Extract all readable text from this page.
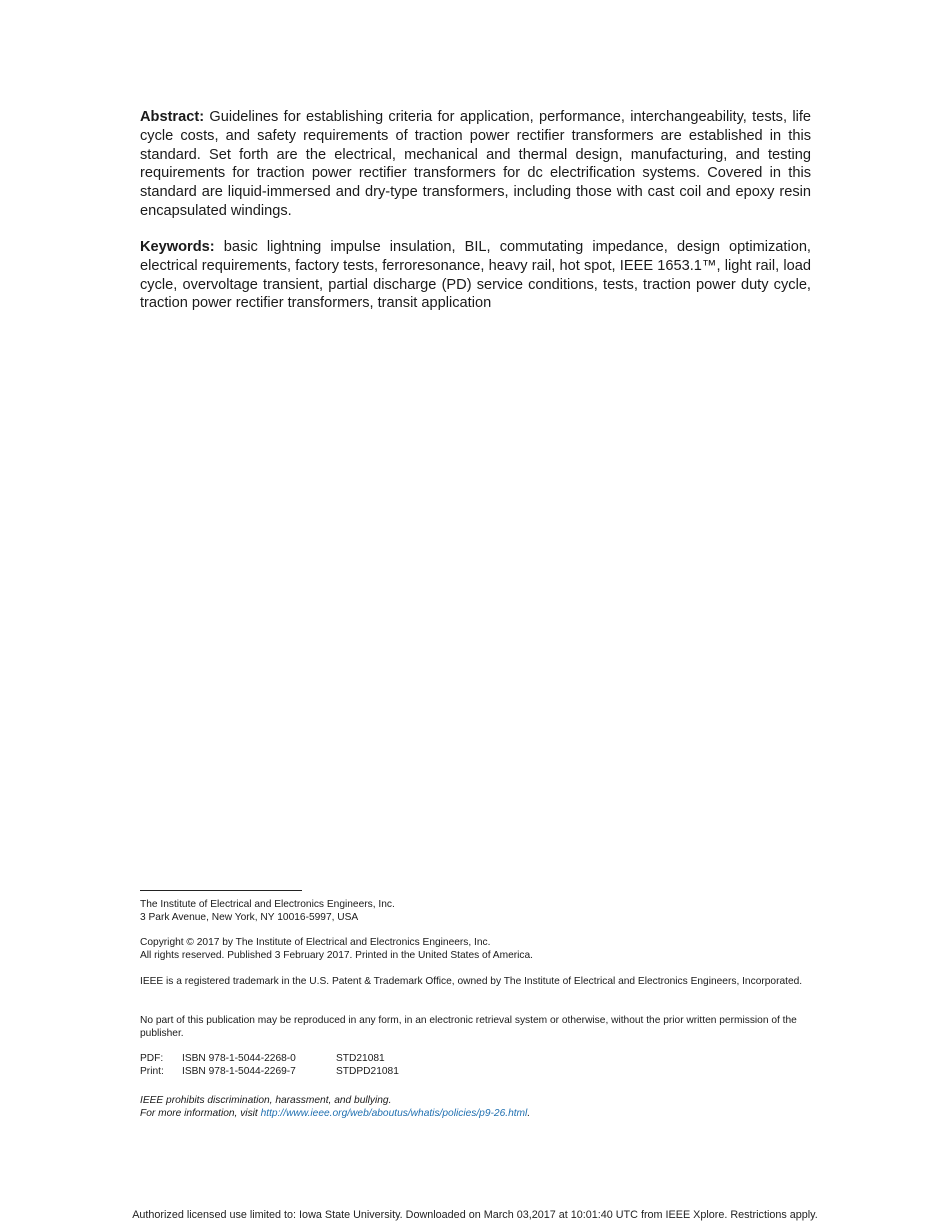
Abstract: Guidelines for establishing criteria for application, performance, interchangeability, tests, life cycle costs, and safety requirements of traction power rectifier transformers are established in this standard. Set forth are the electrical, mechanical and thermal design, manufacturing, and testing requirements for traction power rectifier transformers for dc electrification systems. Covered in this standard are liquid-immersed and dry-type transformers, including those with cast coil and epoxy resin encapsulated windings.
Keywords: basic lightning impulse insulation, BIL, commutating impedance, design optimization, electrical requirements, factory tests, ferroresonance, heavy rail, hot spot, IEEE 1653.1™, light rail, load cycle, overvoltage transient, partial discharge (PD) service conditions, tests, traction power duty cycle, traction power rectifier transformers, transit application
The Institute of Electrical and Electronics Engineers, Inc.
3 Park Avenue, New York, NY 10016-5997, USA
Copyright © 2017 by The Institute of Electrical and Electronics Engineers, Inc.
All rights reserved. Published 3 February 2017. Printed in the United States of America.
IEEE is a registered trademark in the U.S. Patent & Trademark Office, owned by The Institute of Electrical and Electronics Engineers, Incorporated.
No part of this publication may be reproduced in any form, in an electronic retrieval system or otherwise, without the prior written permission of the publisher.
PDF:	ISBN 978-1-5044-2268-0	STD21081
Print:	ISBN 978-1-5044-2269-7	STDPD21081
IEEE prohibits discrimination, harassment, and bullying.
For more information, visit http://www.ieee.org/web/aboutus/whatis/policies/p9-26.html.
Authorized licensed use limited to: Iowa State University. Downloaded on March 03,2017 at 10:01:40 UTC from IEEE Xplore. Restrictions apply.
